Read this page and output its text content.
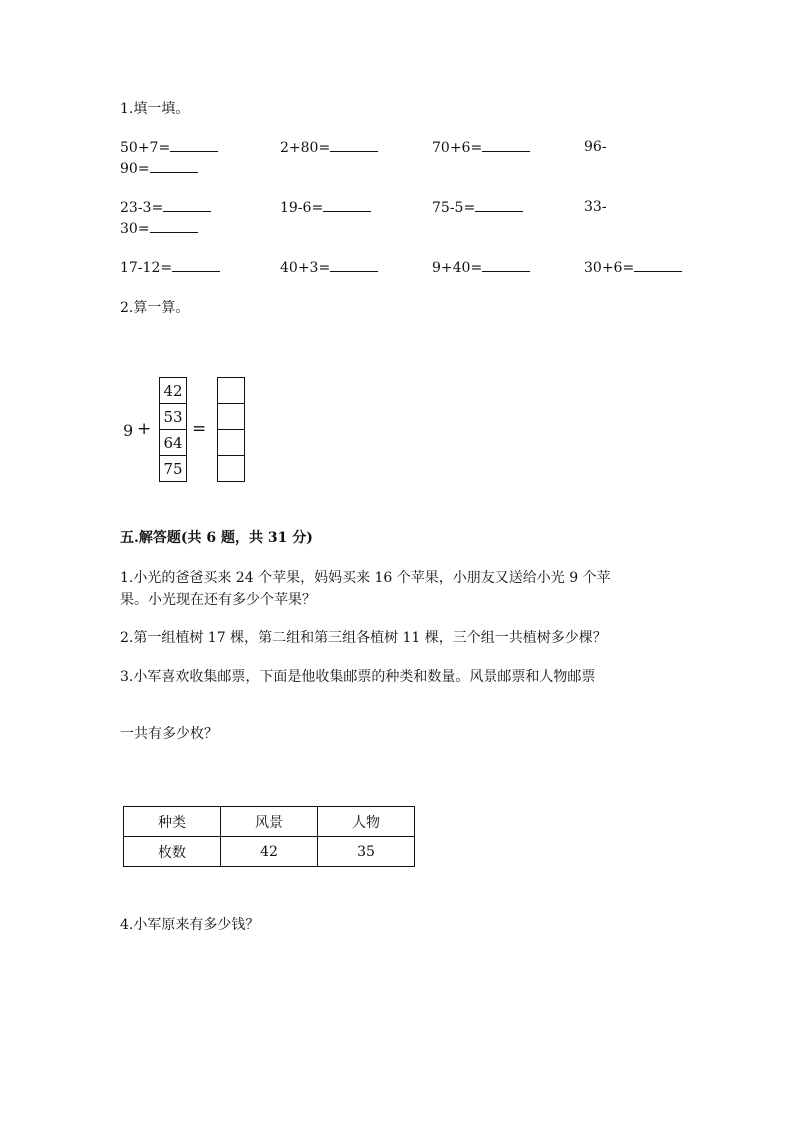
1.填一填。
50+7=	2+80=	70+6=	96-
90=
23-3=	19-6=	75-5=	33-
30=
17-12=	40+3=	9+40=	30+6=
2.算一算。
9 +
42
53
64
75
=
五.解答题(共 6 题，共 31 分)
1.小光的爸爸买来 24 个苹果，妈妈买来 16 个苹果，小朋友又送给小光 9 个苹
果。小光现在还有多少个苹果？
2.第一组植树 17 棵，第二组和第三组各植树 11 棵，三个组一共植树多少棵？
3.小军喜欢收集邮票，下面是他收集邮票的种类和数量。风景邮票和人物邮票
一共有多少枚？
种类	风景	人物
枚数	42	35
4.小军原来有多少钱？
